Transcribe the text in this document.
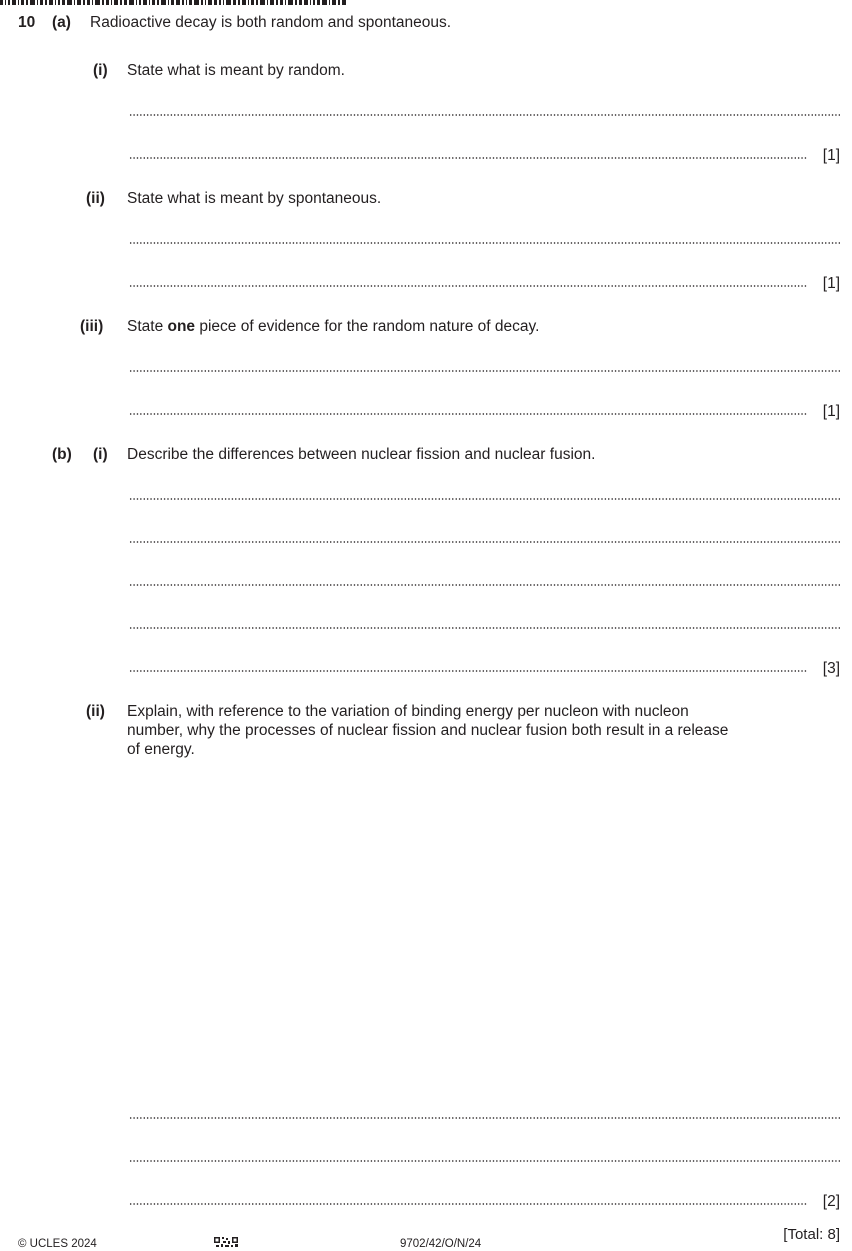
10 (a) Radioactive decay is both random and spontaneous.
(i) State what is meant by random.
[1]
(ii) State what is meant by spontaneous.
[1]
(iii) State one piece of evidence for the random nature of decay.
[1]
(b) (i) Describe the differences between nuclear fission and nuclear fusion.
[3]
(ii) Explain, with reference to the variation of binding energy per nucleon with nucleon
number, why the processes of nuclear fission and nuclear fusion both result in a release
of energy.
[2]
[Total: 8]
© UCLES 2024	9702/42/O/N/24
